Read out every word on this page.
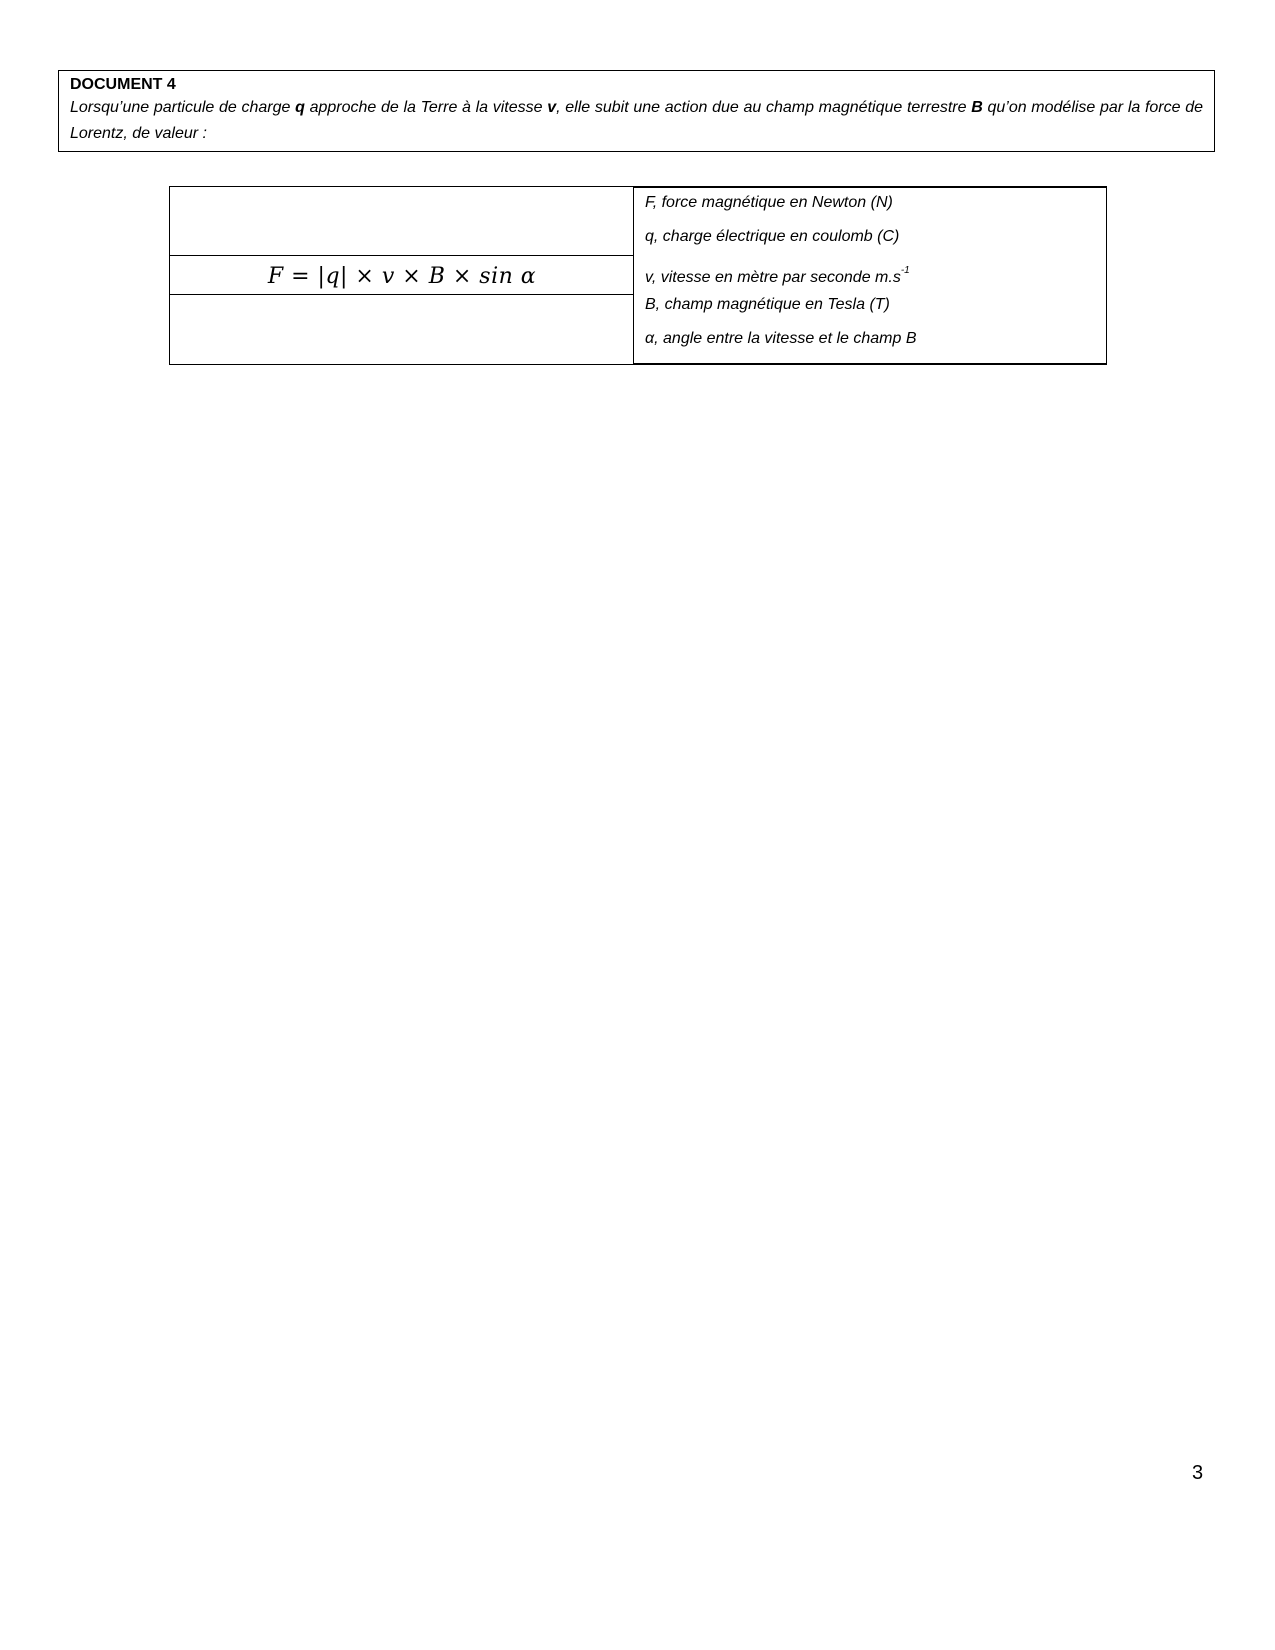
DOCUMENT 4

Lorsqu’une particule de charge q approche de la Terre à la vitesse v, elle subit une action due au champ magnétique terrestre B qu’on modélise par la force de Lorentz, de valeur :

F = |q| × v × B × sin α
F, force magnétique en Newton (N)
q, charge électrique en coulomb (C)
v, vitesse en mètre par seconde $m.s^{-1}$
B, champ magnétique en Tesla (T)
α, angle entre la vitesse et le champ B
3
